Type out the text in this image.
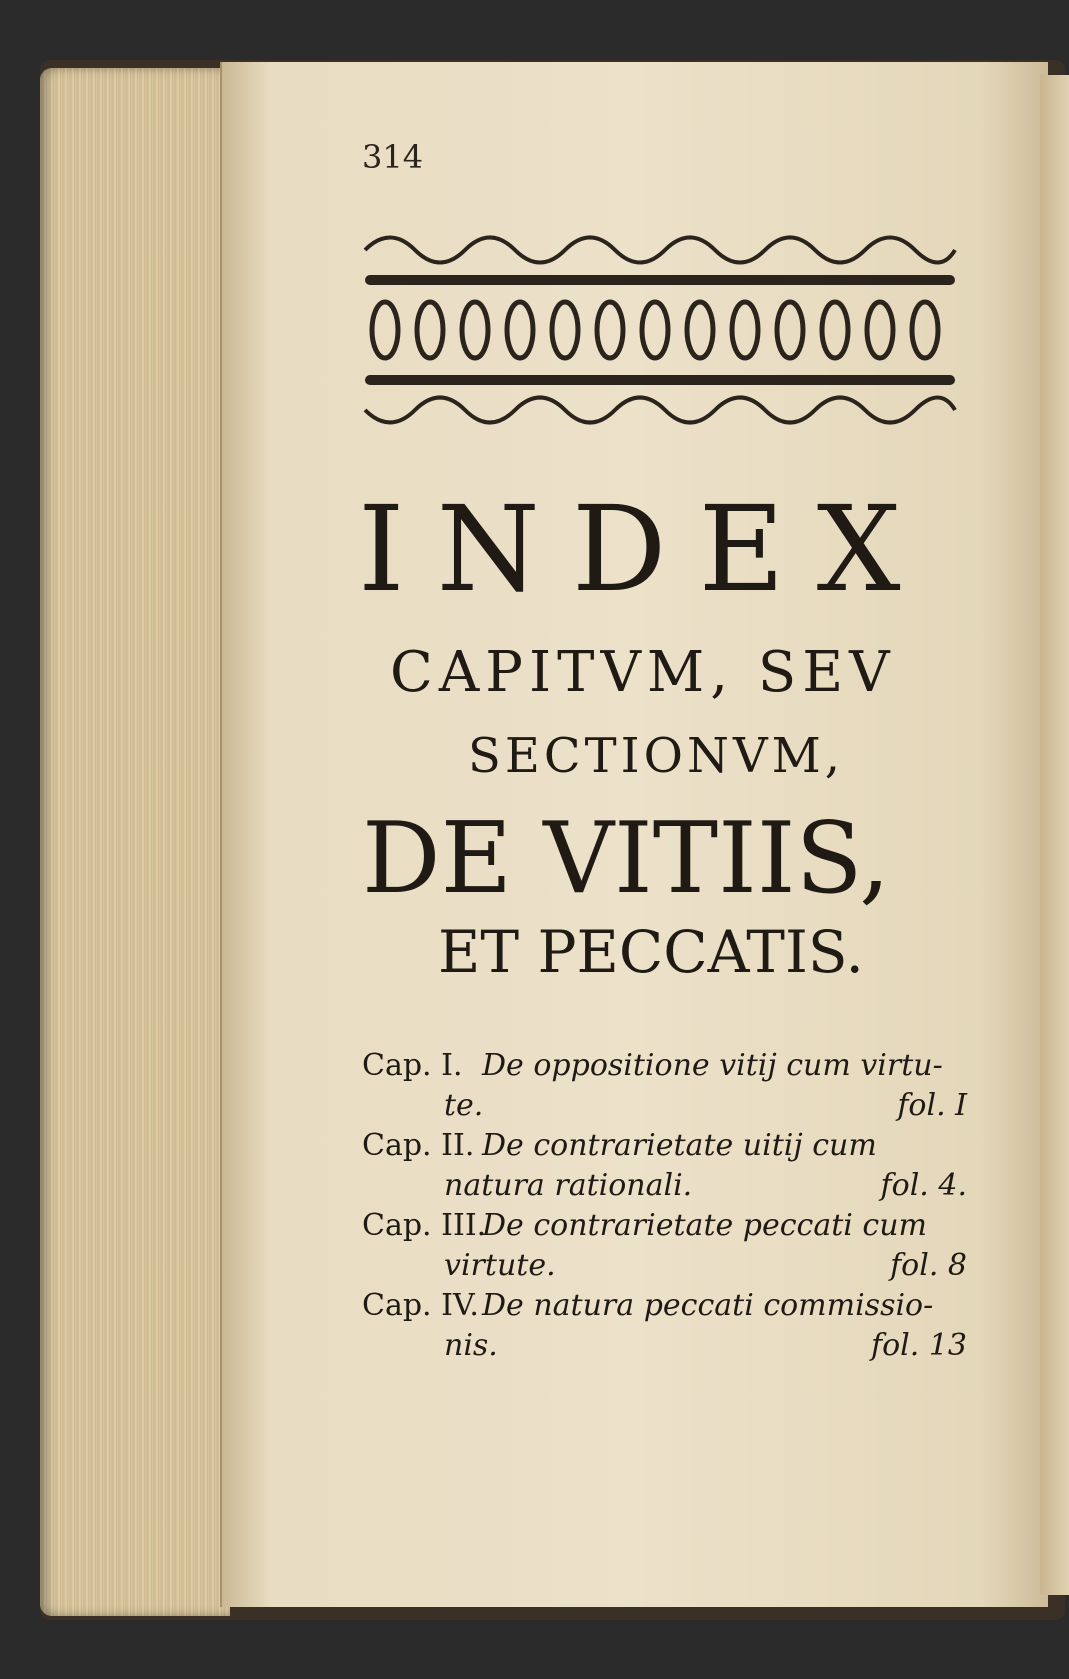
314
INDEX
CAPITVM, SEV
SECTIONVM,
DE VITIIS,
ET PECCATIS.
Cap. I. De oppositione vitij cum virtu-
te.	fol. I
Cap. II. De contrarietate uitij cum
natura rationali.	fol. 4.
Cap. III.
De contrarietate peccati cum
virtute.	fol. 8
Cap. IV. De natura peccati commissio-
nis.	fol. 13
